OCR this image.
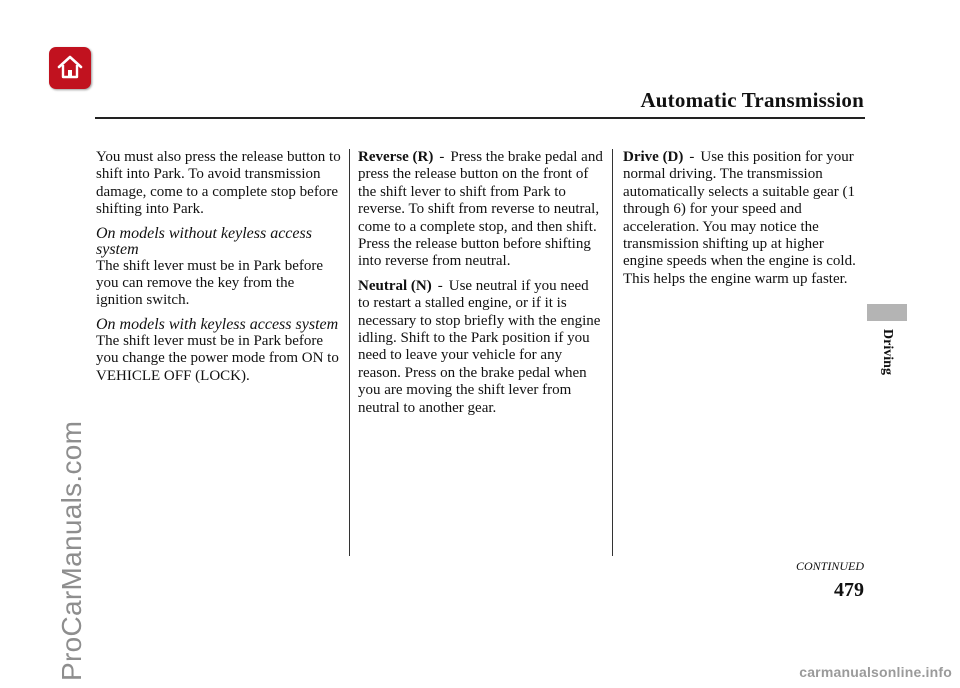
Automatic Transmission
Driving

You must also press the release button to shift into Park. To avoid transmission damage, come to a complete stop before shifting into Park.

On models without keyless access system

The shift lever must be in Park before you can remove the key from the ignition switch.

On models with keyless access system

The shift lever must be in Park before you change the power mode from ON to VEHICLE OFF (LOCK).

Reverse (R) - Press the brake pedal and press the release button on the front of the shift lever to shift from Park to reverse. To shift from reverse to neutral, come to a complete stop, and then shift. Press the release button before shifting into reverse from neutral.

Neutral (N) - Use neutral if you need to restart a stalled engine, or if it is necessary to stop briefly with the engine idling. Shift to the Park position if you need to leave your vehicle for any reason. Press on the brake pedal when you are moving the shift lever from neutral to another gear.

Drive (D) - Use this position for your normal driving. The transmission automatically selects a suitable gear (1 through 6) for your speed and acceleration. You may notice the transmission shifting up at higher engine speeds when the engine is cold. This helps the engine warm up faster.

CONTINUED
479
ProCarManuals.com	carmanualsonline.info
